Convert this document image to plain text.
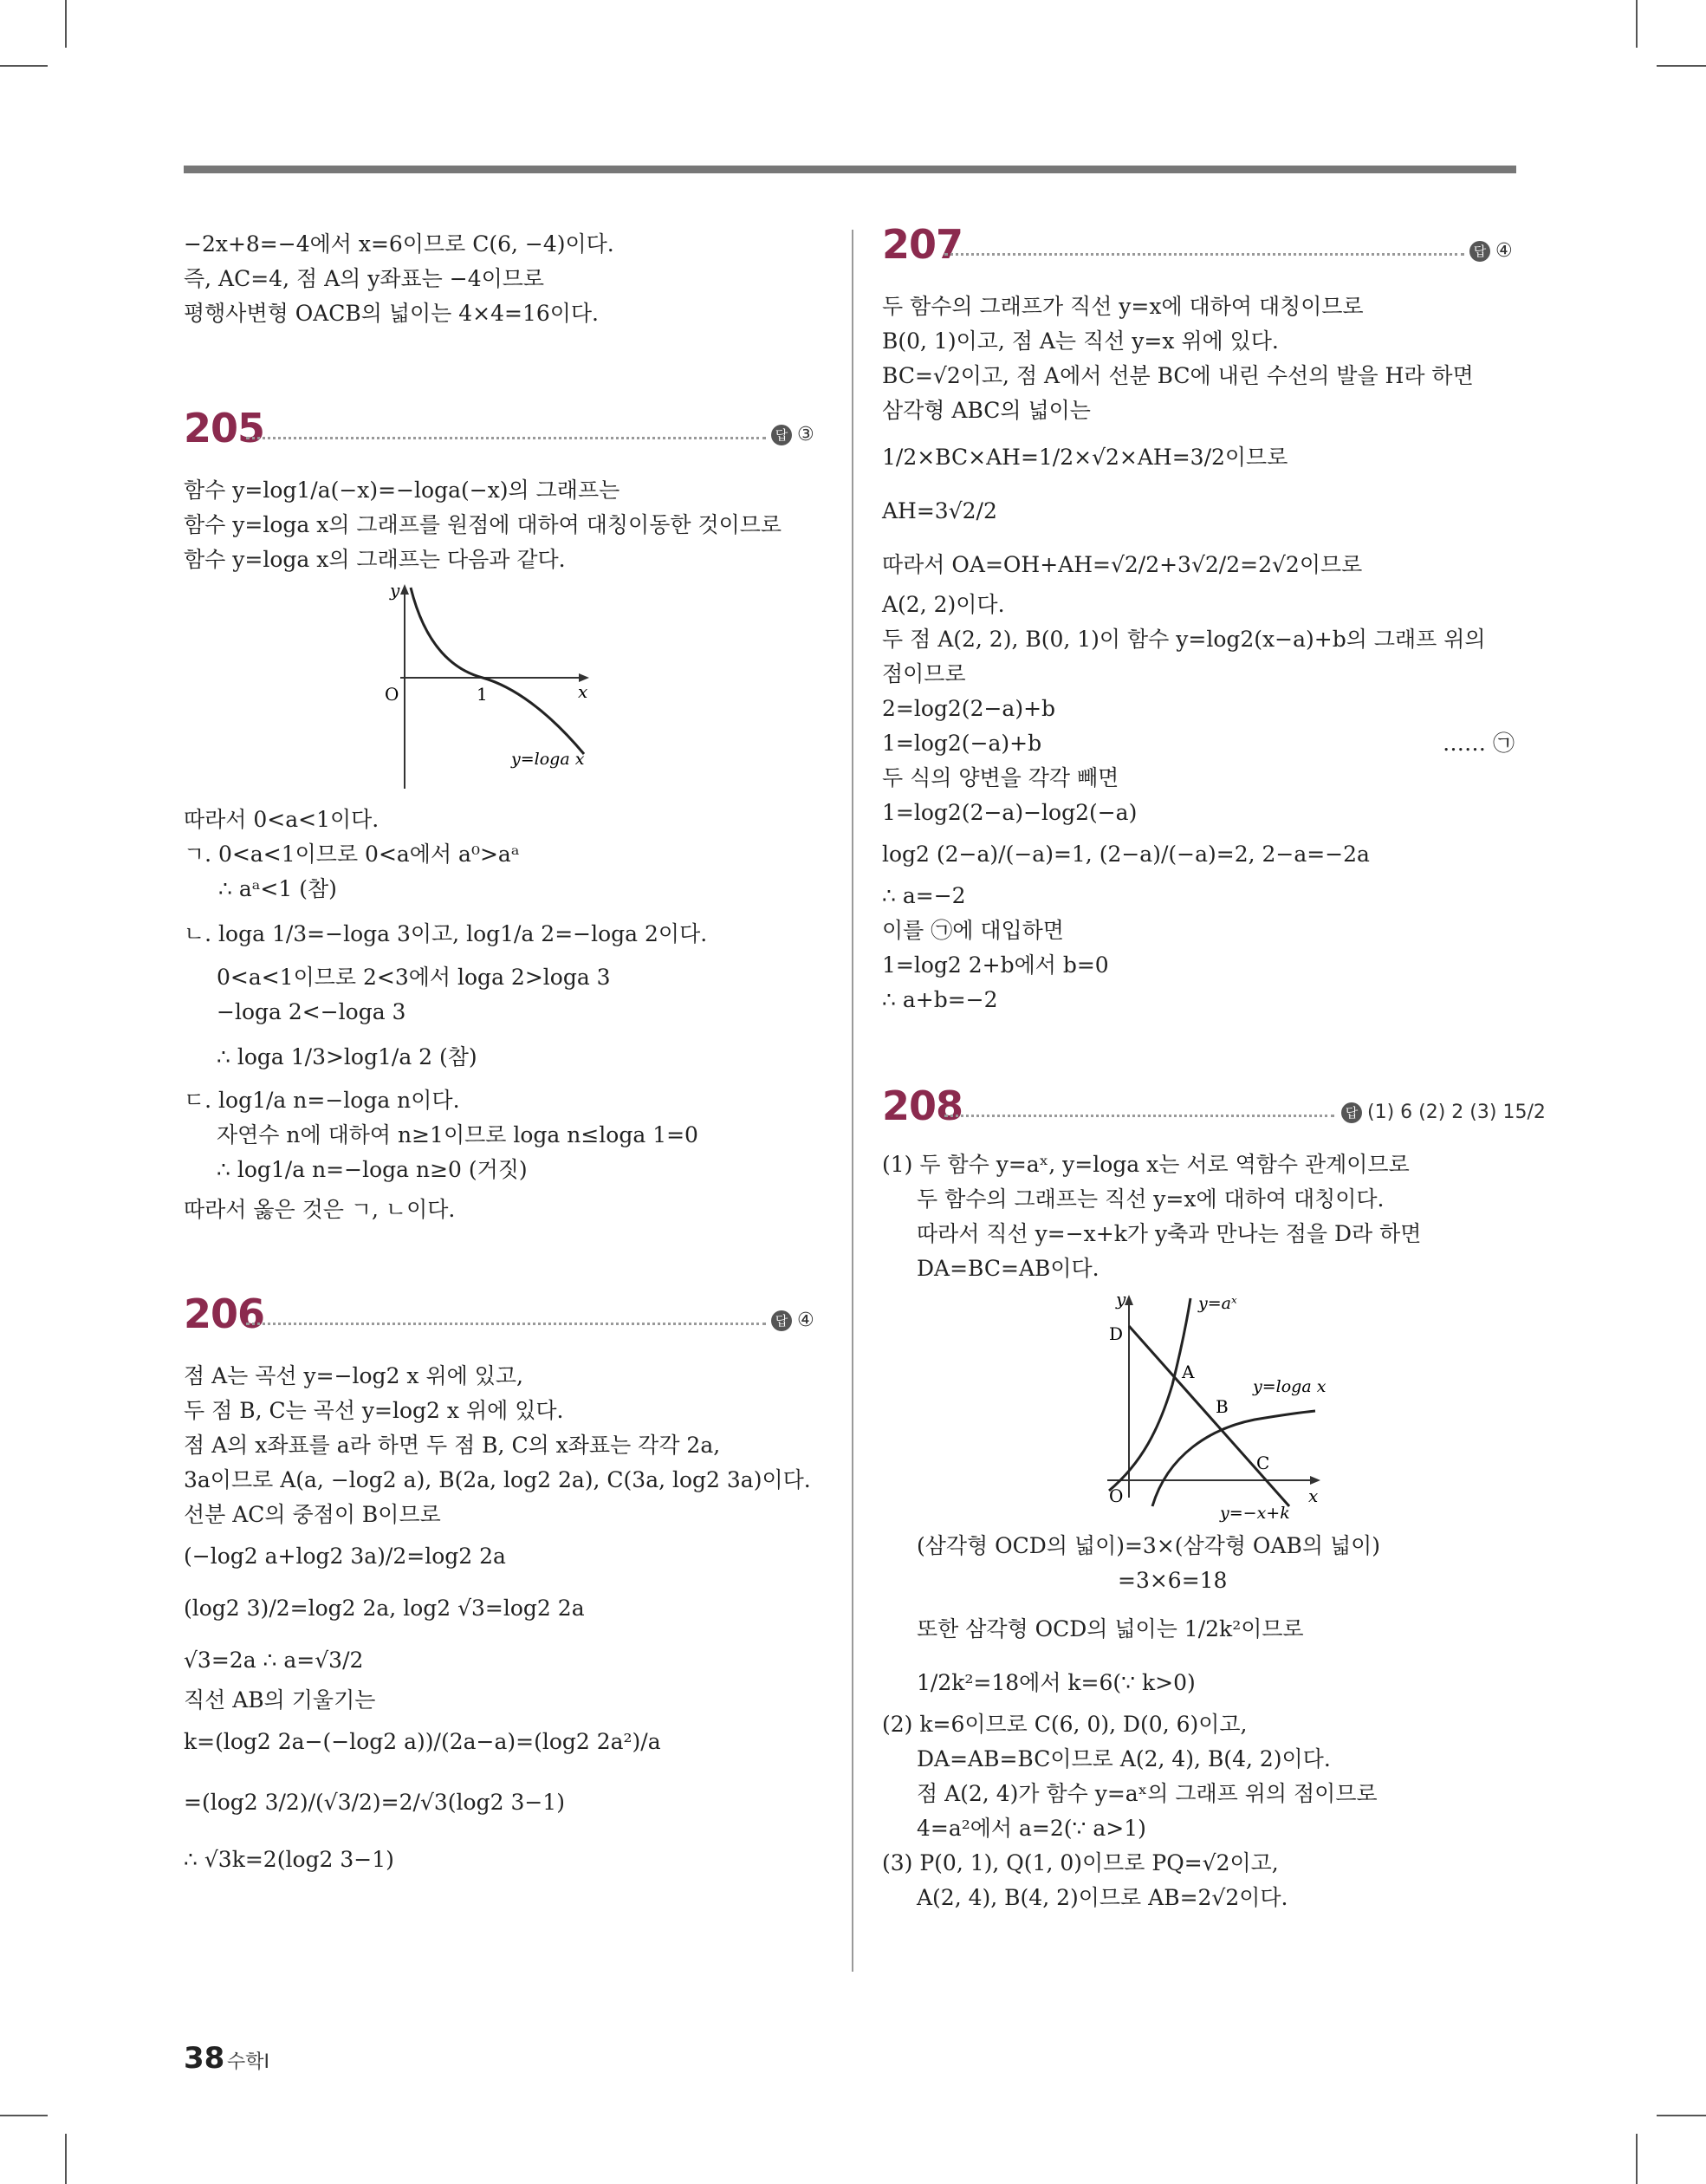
−2x+8=−4에서 x=6이므로 C(6, −4)이다.
즉, AC=4, 점 A의 y좌표는 −4이므로
평행사변형 OACB의 넓이는 4×4=16이다.
205	답 ③
함수 y=log1/a(−x)=−loga(−x)의 그래프는
함수 y=loga x의 그래프를 원점에 대하여 대칭이동한 것이므로
함수 y=loga x의 그래프는 다음과 같다.
y
x
O	1
y=loga x
따라서 0<a<1이다.
ㄱ. 0<a<1이므로 0<a에서 a⁰>aᵃ
∴ aᵃ<1 (참)
ㄴ. loga 1/3=−loga 3이고, log1/a 2=−loga 2이다.
0<a<1이므로 2<3에서 loga 2>loga 3
−loga 2<−loga 3
∴ loga 1/3>log1/a 2 (참)
ㄷ. log1/a n=−loga n이다.
자연수 n에 대하여 n≥1이므로 loga n≤loga 1=0
∴ log1/a n=−loga n≥0 (거짓)
따라서 옳은 것은 ㄱ, ㄴ이다.
206	답 ④
점 A는 곡선 y=−log2 x 위에 있고,
두 점 B, C는 곡선 y=log2 x 위에 있다.
점 A의 x좌표를 a라 하면 두 점 B, C의 x좌표는 각각 2a,
3a이므로 A(a, −log2 a), B(2a, log2 2a), C(3a, log2 3a)이다.
선분 AC의 중점이 B이므로
(−log2 a+log2 3a)/2=log2 2a
(log2 3)/2=log2 2a, log2 √3=log2 2a
√3=2a ∴ a=√3/2
직선 AB의 기울기는
k=(log2 2a−(−log2 a))/(2a−a)=(log2 2a²)/a
=(log2 3/2)/(√3/2)=2/√3(log2 3−1)
∴ √3k=2(log2 3−1)
207	답 ④
두 함수의 그래프가 직선 y=x에 대하여 대칭이므로
B(0, 1)이고, 점 A는 직선 y=x 위에 있다.
BC=√2이고, 점 A에서 선분 BC에 내린 수선의 발을 H라 하면
삼각형 ABC의 넓이는
1/2×BC×AH=1/2×√2×AH=3/2이므로
AH=3√2/2
따라서 OA=OH+AH=√2/2+3√2/2=2√2이므로
A(2, 2)이다.
두 점 A(2, 2), B(0, 1)이 함수 y=log2(x−a)+b의 그래프 위의
점이므로
2=log2(2−a)+b
1=log2(−a)+b	…… ㉠
두 식의 양변을 각각 빼면
1=log2(2−a)−log2(−a)
log2 (2−a)/(−a)=1, (2−a)/(−a)=2, 2−a=−2a
∴ a=−2
이를 ㉠에 대입하면
1=log2 2+b에서 b=0
∴ a+b=−2
208	답 (1) 6 (2) 2 (3) 15/2
(1) 두 함수 y=aˣ, y=loga x는 서로 역함수 관계이므로
두 함수의 그래프는 직선 y=x에 대하여 대칭이다.
따라서 직선 y=−x+k가 y축과 만나는 점을 D라 하면
DA=BC=AB이다.
y
x
O
y=aˣ
y=loga x
y=−x+k
D
A
B
C
(삼각형 OCD의 넓이)=3×(삼각형 OAB의 넓이)
=3×6=18
또한 삼각형 OCD의 넓이는 1/2k²이므로
1/2k²=18에서 k=6(∵ k>0)
(2) k=6이므로 C(6, 0), D(0, 6)이고,
DA=AB=BC이므로 A(2, 4), B(4, 2)이다.
점 A(2, 4)가 함수 y=aˣ의 그래프 위의 점이므로
4=a²에서 a=2(∵ a>1)
(3) P(0, 1), Q(1, 0)이므로 PQ=√2이고,
A(2, 4), B(4, 2)이므로 AB=2√2이다.
38 수학Ⅰ
